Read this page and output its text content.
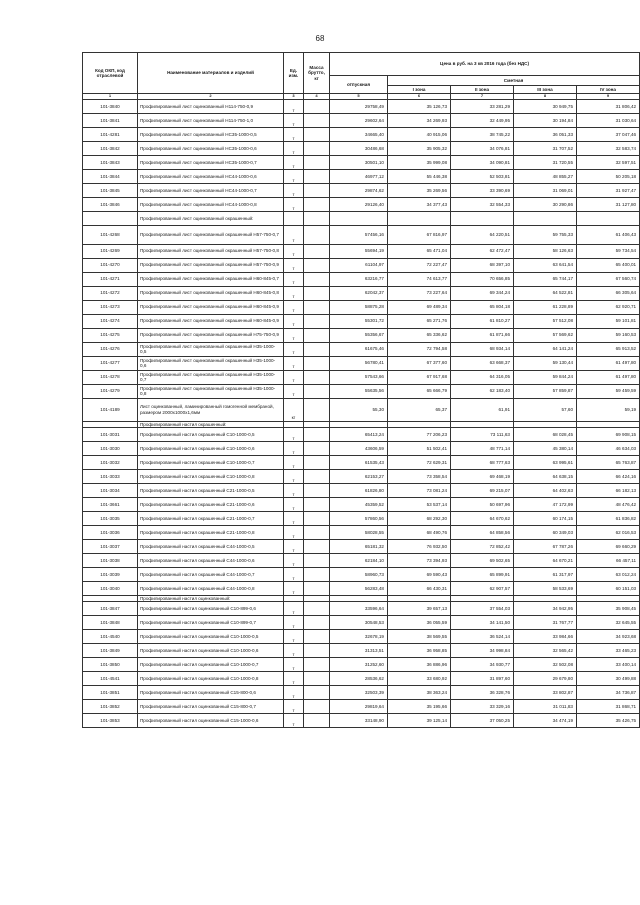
68
Код ОКП, код отраслевой	Наименование материалов и изделий	Ед. изм.	Масса брутто, кг	Цена в руб. на 3 кв 2016 года (без НДС)				
				отпускная	Сметная			
					I зона	II зона	III зона	IV зона
1	2	3	4	5	6	7	8	9
101-3840	Профилированный лист оцинкованный Н114-750-0,9	т		29758,49	35 126,73	33 281,29	30 949,75	31 806,42
101-3841	Профилированный лист оцинкованный Н114-750-1,0	т		29602,64	34 269,93	32 449,95	30 194,84	31 030,64
101-4281	Профилированный лист оцинкованный НС35-1000-0,5	т		34665,40	40 915,06	38 745,22	36 051,33	37 047,46
101-3842	Профилированный лист оцинкованный НС35-1000-0,6	т		30486,68	35 905,32	34 076,81	31 707,52	32 583,74
101-3843	Профилированный лист оцинкованный НС35-1000-0,7	т		30501,10	35 999,08	34 090,81	31 720,55	32 597,51
101-3844	Профилированный лист оцинкованный НС44-1000-0,6	т		46977,12	55 446,38	52 503,81	48 855,27	50 205,18
101-3845	Профилированный лист оцинкованный НС44-1000-0,7	т		29874,62	35 269,56	33 390,69	31 069,01	31 927,47
101-3846	Профилированный лист оцинкованный НС44-1000-0,8	т		29126,40	34 377,43	32 554,33	30 290,86	31 127,80
	Профилированный лист оцинкованный окрашенный:							
101-4268	Профилированный лист оцинкованный окрашенный Н57-750-0,7	т		57456,16	67 816,97	64 220,51	59 755,33	61 406,43
101-4269	Профилированный лист оцинкованный окрашенный Н57-750-0,8	т		55694,19	65 471,04	62 472,47	58 126,63	59 734,54
101-4270	Профилированный лист оцинкованный окрашенный Н57-750-0,9	т		61104,97	72 227,47	68 397,10	63 641,54	65 400,01
101-4271	Профилированный лист оцинкованный окрашенный Н60-845-0,7	т		63216,77	74 613,77	70 656,85	65 744,17	67 560,74
101-4272	Профилированный лист оцинкованный окрашенный Н60-845-0,8	т		62042,37	73 227,64	69 344,24	64 522,81	66 305,64
101-4273	Профилированный лист оцинкованный окрашенный Н60-845-0,9	т		58875,28	69 489,34	65 804,18	61 228,89	62 920,71
101-4274	Профилированный лист оцинкованный окрашенный Н60-845-0,9	т		55301,72	65 271,76	61 810,27	57 512,08	59 101,81
101-4275	Профилированный лист оцинкованный окрашенный Н75-750-0,9	т		55356,67	65 336,62	61 871,66	57 569,62	59 160,53
101-4276	Профилированный лист оцинкованный окрашенный Н35-1000-0,5	т		61675,46	72 794,58	68 934,14	64 141,24	65 913,52
101-4277	Профилированный лист оцинкованный окрашенный Н35-1000-0,6	т		56780,41	67 377,60	63 668,37	59 130,44	61 497,80
101-4278	Профилированный лист оцинкованный окрашенный Н35-1000-0,7	т		57543,66	67 917,68	64 316,05	59 844,24	61 497,80
101-4279	Профилированный лист оцинкованный окрашенный Н35-1000-0,8	т		55635,56	65 666,79	62 183,40	57 859,87	59 459,59
101-4189	Лист оцинкованный, ламинированный гомогенной мембраной, размером 2000х1000х1,6мм	кг		55,30	65,37	61,91	57,60	59,19
	Профилированный настил окрашенный:							
101-3031	Профилированный настил окрашенный С10-1000-0,5	т		65413,24	77 206,23	73 111,63	68 028,45	69 908,15
101-3030	Профилированный настил окрашенный С10-1000-0,6	т		43606,59	51 502,41	48 771,14	45 380,14	46 634,03
101-3032	Профилированный настил окрашенный С10-1000-0,7	т		61535,43	72 629,31	68 777,63	63 995,61	65 763,87
101-3033	Профилированный настил окрашенный С10-1000-0,8	т		62153,27	73 358,54	69 468,19	64 638,15	66 424,16
101-3034	Профилированный настил окрашенный С21-1000-0,5	т		61826,80	73 081,24	69 215,07	64 402,63	66 182,13
101-3661	Профилированный настил окрашенный С21-1000-0,6	т		45359,52	53 537,14	50 697,96	47 172,99	48 476,42
101-3035	Профилированный настил окрашенный С21-1000-0,7	т		57860,56	68 292,30	64 670,62	60 174,15	61 836,82
101-3036	Профилированный настил окрашенный С21-1000-0,8	т		58028,55	68 490,76	64 858,56	60 349,03	62 016,53
101-3037	Профилированный настил окрашенный С44-1000-0,5	т		65181,32	76 932,50	72 852,42	67 787,26	69 660,29
101-3038	Профилированный настил окрашенный С44-1000-0,6	т		62184,10	73 394,93	69 502,65	64 670,21	66 457,11
101-3039	Профилированный настил окрашенный С44-1000-0,7	т		58960,73	69 590,43	65 899,91	61 317,97	63 012,24
101-3040	Профилированный настил окрашенный С44-1000-0,8	т		56283,48	66 430,31	62 907,57	58 533,69	60 151,03
	Профилированный настил оцинкованный:							
101-3847	Профилированный настил оцинкованный С10-899-0,6	т		33596,64	39 657,13	37 554,03	34 942,95	35 908,45
101-3848	Профилированный настил оцинкованный С10-899-0,7	т		30548,53	36 055,59	34 141,50	31 767,77	32 645,55
101-4540	Профилированный настил оцинкованный С10-1000-0,5	т		32678,19	38 569,55	36 524,14	33 984,66	34 923,68
101-3849	Профилированный настил оцинкованный С10-1000-0,6	т		31313,51	36 958,85	34 998,84	32 565,42	33 465,23
101-3850	Профилированный настил оцинкованный С10-1000-0,7	т		31252,60	36 886,96	34 930,77	32 502,08	33 400,14
101-4541	Профилированный настил оцинкованный С10-1000-0,8	т		28536,62	33 680,92	31 897,60	29 679,80	30 499,88
101-3851	Профилированный настил оцинкованный С15-800-0,6	т		32503,39	38 363,24	36 328,76	33 802,87	34 736,87
101-3852	Профилированный настил оцинкованный С15-800-0,7	т		29819,64	35 195,66	33 329,16	31 011,83	31 868,71
101-3853	Профилированный настил оцинкованный С15-1000-0,6	т		33148,90	39 125,14	37 050,25	34 474,19	35 426,75
